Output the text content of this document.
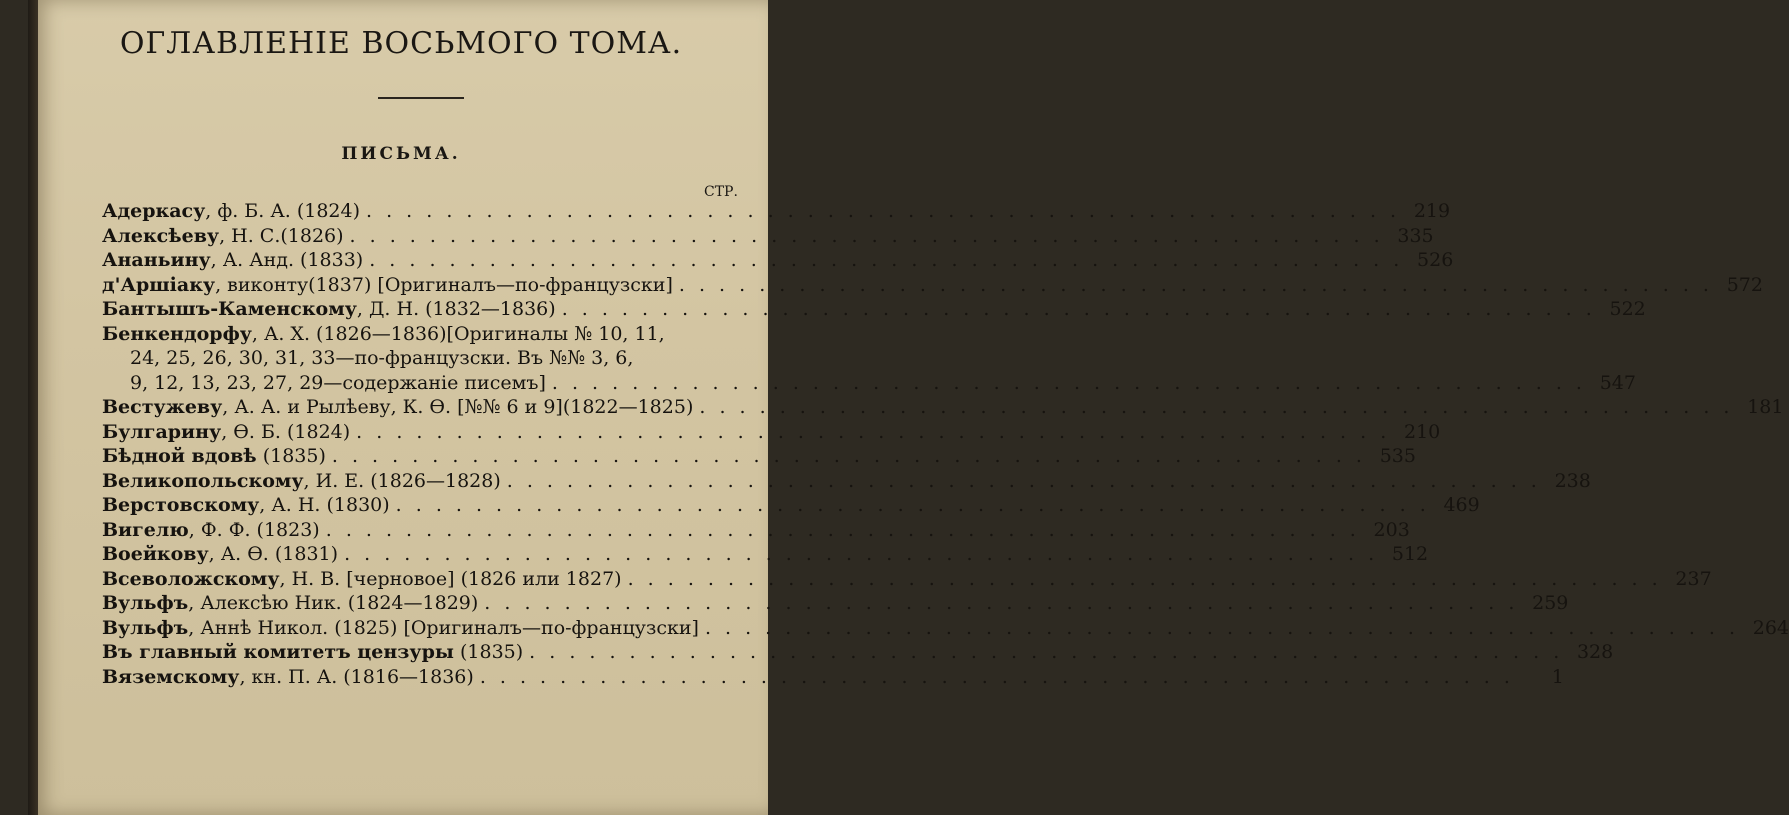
ОГЛАВЛЕНІЕ ВОСЬМОГО ТОМА.
ПИСЬМА.
СТР.
Адеркасу, ф. Б. А. (1824) . . .	219
Алексѣеву, Н. С.(1826) . . .	335
Ананьину, А. Анд. (1833) . . .	526
д'Аршіаку, виконту(1837) [Оригиналъ—по-французски] . . .	572
Бантышъ-Каменскому, Д. Н. (1832—1836) . . .	522
Бенкендорфу, А. Х. (1826—1836)[Оригиналы № 10, 11,
24, 25, 26, 30, 31, 33—по-французски. Въ №№ 3, 6,
9, 12, 13, 23, 27, 29—содержаніе писемъ] . . .	547
Вестужеву, А. А. и Рылѣеву, К. Ѳ. [№№ 6 и 9](1822—1825) . . .	181
Булгарину, Ѳ. Б. (1824) . . .	210
Бѣдной вдовѣ (1835) . . .	535
Великопольскому, И. Е. (1826—1828) . . .	238
Верстовскому, А. Н. (1830) . . .	469
Вигелю, Ф. Ф. (1823) . . .	203
Воейкову, А. Ѳ. (1831) . . .	512
Всеволожскому, Н. В. [черновое] (1826 или 1827) . . .	237
Вульфъ, Алексѣю Ник. (1824—1829) . . .	259
Вульфъ, Аннѣ Никол. (1825) [Оригиналъ—по-французски] . . .	264
Въ главный комитетъ цензуры (1835) . . .	328
Вяземскому, кн. П. А. (1816—1836) . . .	1
